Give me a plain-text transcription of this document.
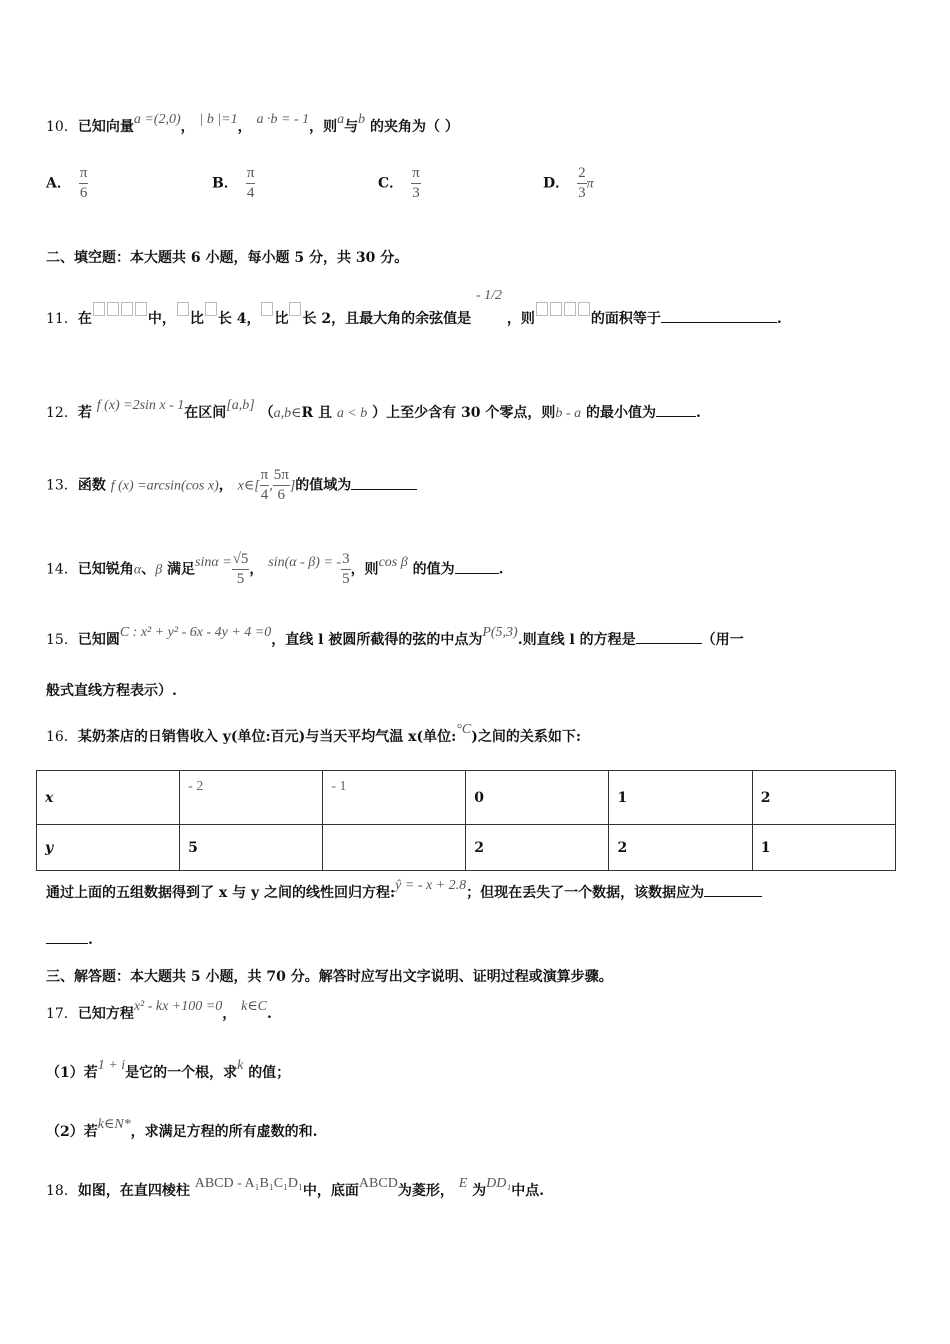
10．已知向量a =(2,0)， | b |=1， a ·b = - 1，则a与b 的夹角为（ ）
A． $\frac{\pi}{6}$	B． $\frac{\pi}{4}$	C． $\frac{\pi}{3}$	D． $\frac{2}{3}$ π
二、填空题：本大题共 6 小题，每小题 5 分，共 30 分。
11．在	中， 比 长 4， 比 长 2，且最大角的余弦值是 - 1/2 ，则	的面积等于	.
12．若 f (x) =2sin x - 1在区间[a,b] （a,b∈R 且 a < b ）上至少含有 30 个零点，则b - a 的最小值为	.
13．函数 f (x) =arcsin(cos x)， x∈[ $\frac{\pi}{4}$ , $\frac{5\pi}{6}$ ]的值域为
14．已知锐角α、β 满足$\sin\alpha = \frac{√5}{5}$ ， sin(α - β) = - $\frac{3}{5}$ ，则cos β 的值为	.
15．已知圆C : x² + y² - 6x - 4y + 4 =0，直线 l 被圆所截得的弦的中点为P(5,3).则直线 l 的方程是	（用一
般式直线方程表示）.
16．某奶茶店的日销售收入 y(单位:百元)与当天平均气温 x(单位:°C)之间的关系如下:
x	- 2	- 1	0	1	2
y	5		2	2	1
通过上面的五组数据得到了 x 与 y 之间的线性回归方程:ŷ = - x + 2.8；但现在丢失了一个数据，该数据应为
.
三、解答题：本大题共 5 小题，共 70 分。解答时应写出文字说明、证明过程或演算步骤。
17．已知方程x² - kx +100 =0， k∈C.
（1）若1 + i是它的一个根，求k 的值；
（2）若k∈N*，求满足方程的所有虚数的和.
18．如图，在直四棱柱 ABCD - A₁B₁C₁D₁中，底面ABCD为菱形， E 为DD₁中点.
